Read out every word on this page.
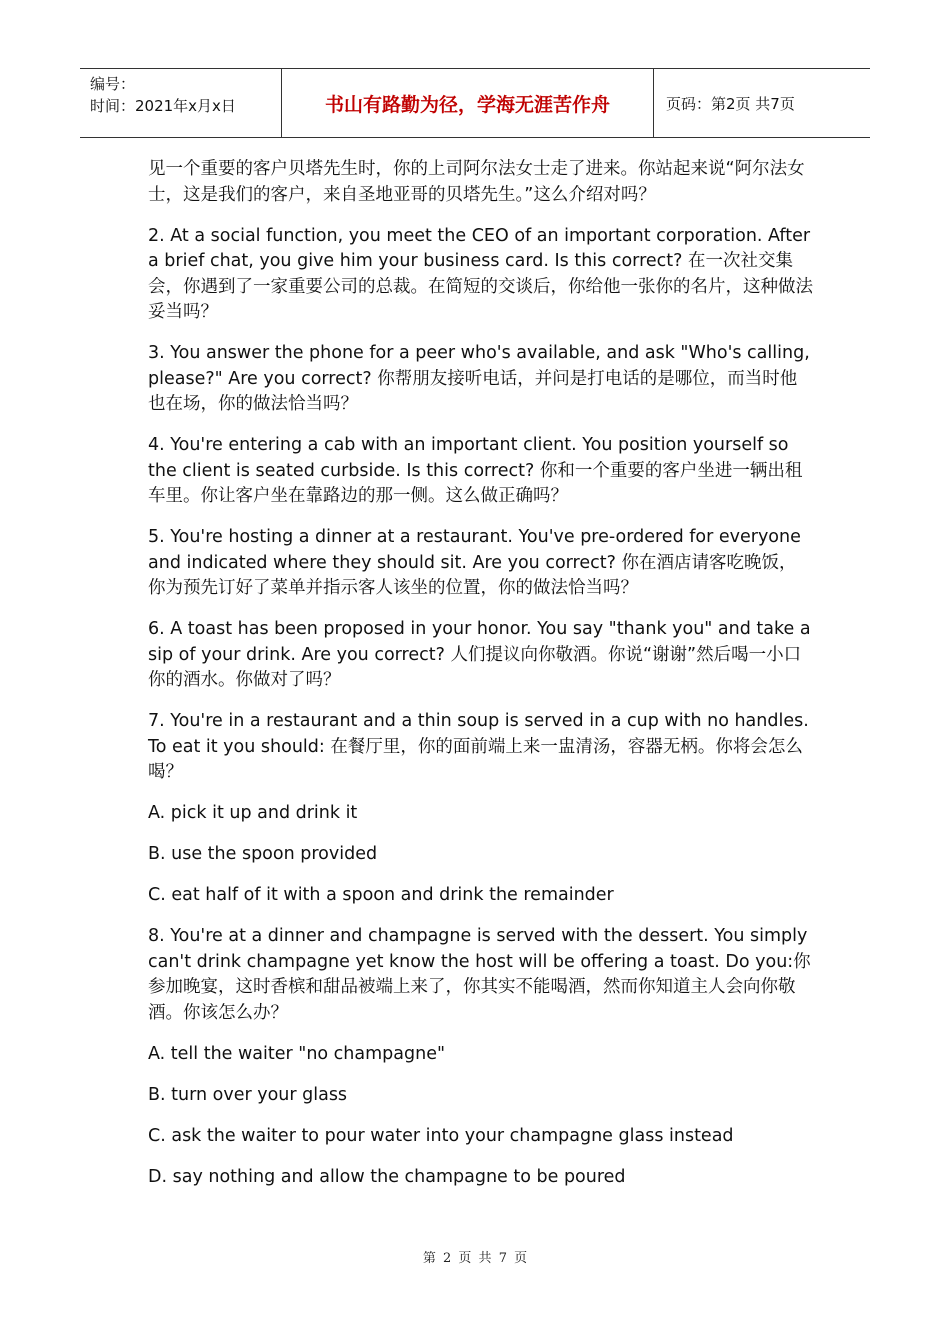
编号：
时间：2021年x月x日	书山有路勤为径，学海无涯苦作舟	页码：第2页 共7页

见一个重要的客户贝塔先生时，你的上司阿尔法女士走了进来。你站起来说“阿尔法女士，这是我们的客户，来自圣地亚哥的贝塔先生。”这么介绍对吗？

2. At a social function, you meet the CEO of an important corporation. After a brief chat, you give him your business card. Is this correct? 在一次社交集会，你遇到了一家重要公司的总裁。在简短的交谈后，你给他一张你的名片，这种做法妥当吗？

3. You answer the phone for a peer who's available, and ask "Who's calling, please?" Are you correct? 你帮朋友接听电话，并问是打电话的是哪位，而当时他也在场，你的做法恰当吗？

4. You're entering a cab with an important client. You position yourself so the client is seated curbside. Is this correct? 你和一个重要的客户坐进一辆出租车里。你让客户坐在靠路边的那一侧。这么做正确吗？

5. You're hosting a dinner at a restaurant. You've pre-ordered for everyone and indicated where they should sit. Are you correct? 你在酒店请客吃晚饭，你为预先订好了菜单并指示客人该坐的位置，你的做法恰当吗？

6. A toast has been proposed in your honor. You say "thank you" and take a sip of your drink. Are you correct? 人们提议向你敬酒。你说“谢谢”然后喝一小口你的酒水。你做对了吗？

7. You're in a restaurant and a thin soup is served in a cup with no handles. To eat it you should: 在餐厅里，你的面前端上来一盅清汤，容器无柄。你将会怎么喝？

A. pick it up and drink it

B. use the spoon provided

C. eat half of it with a spoon and drink the remainder

8. You're at a dinner and champagne is served with the dessert. You simply can't drink champagne yet know the host will be offering a toast. Do you:你参加晚宴，这时香槟和甜品被端上来了，你其实不能喝酒，然而你知道主人会向你敬酒。你该怎么办？

A. tell the waiter "no champagne"

B. turn over your glass

C. ask the waiter to pour water into your champagne glass instead

D. say nothing and allow the champagne to be poured

第 2 页 共 7 页
